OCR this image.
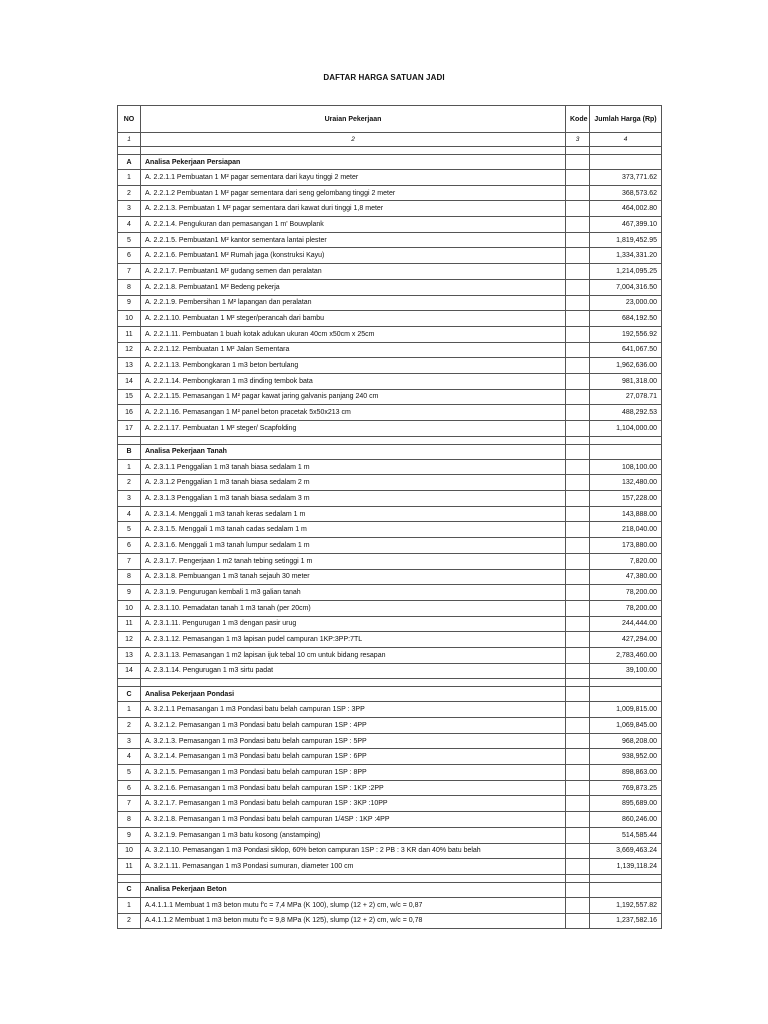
DAFTAR HARGA SATUAN JADI
NO	Uraian Pekerjaan	Kode	Jumlah Harga (Rp)
1	2	3	4

A	Analisa Pekerjaan Persiapan		
1	A. 2.2.1.1 Pembuatan 1 M² pagar sementara dari kayu tinggi 2 meter		373,771.62
2	A. 2.2.1.2 Pembuatan 1 M² pagar sementara dari seng gelombang tinggi 2 meter		368,573.62
3	A. 2.2.1.3. Pembuatan 1 M² pagar sementara dari kawat duri tinggi 1,8 meter		464,002.80
4	A. 2.2.1.4. Pengukuran dan pemasangan 1 m' Bouwplank		467,399.10
5	A. 2.2.1.5. Pembuatan1 M² kantor sementara lantai plester		1,819,452.95
6	A. 2.2.1.6. Pembuatan1 M² Rumah jaga (konstruksi Kayu)		1,334,331.20
7	A. 2.2.1.7. Pembuatan1 M² gudang semen dan peralatan		1,214,095.25
8	A. 2.2.1.8. Pembuatan1 M² Bedeng pekerja		7,004,316.50
9	A. 2.2.1.9. Pembersihan 1 M² lapangan dan peralatan		23,000.00
10	A. 2.2.1.10. Pembuatan 1 M² steger/perancah dari bambu		684,192.50
11	A. 2.2.1.11. Pembuatan 1 buah kotak adukan ukuran 40cm x50cm x 25cm		192,556.92
12	A. 2.2.1.12. Pembuatan 1 M² Jalan Sementara		641,067.50
13	A. 2.2.1.13. Pembongkaran 1 m3 beton bertulang		1,962,636.00
14	A. 2.2.1.14. Pembongkaran 1 m3 dinding tembok bata		981,318.00
15	A. 2.2.1.15. Pemasangan 1 M² pagar kawat jaring galvanis panjang 240 cm		27,078.71
16	A. 2.2.1.16. Pemasangan 1 M² panel beton pracetak 5x50x213 cm		488,292.53
17	A. 2.2.1.17. Pembuatan 1 M² steger/ Scapfolding		1,104,000.00

B	Analisa Pekerjaan Tanah		
1	A. 2.3.1.1 Penggalian 1 m3 tanah biasa sedalam 1 m		108,100.00
2	A. 2.3.1.2 Penggalian 1 m3 tanah biasa sedalam 2 m		132,480.00
3	A. 2.3.1.3 Penggalian 1 m3 tanah biasa sedalam 3 m		157,228.00
4	A. 2.3.1.4. Menggali 1 m3 tanah keras sedalam 1 m		143,888.00
5	A. 2.3.1.5. Menggali 1 m3 tanah cadas sedalam 1 m		218,040.00
6	A. 2.3.1.6. Menggali 1 m3 tanah lumpur sedalam 1 m		173,880.00
7	A. 2.3.1.7. Pengerjaan 1 m2 tanah tebing setinggi 1 m		7,820.00
8	A. 2.3.1.8. Pembuangan 1 m3 tanah sejauh 30 meter		47,380.00
9	A. 2.3.1.9. Pengurugan kembali 1 m3 galian tanah		78,200.00
10	A. 2.3.1.10. Pemadatan tanah 1 m3 tanah (per 20cm)		78,200.00
11	A. 2.3.1.11. Pengurugan 1 m3 dengan pasir urug		244,444.00
12	A. 2.3.1.12. Pemasangan 1 m3 lapisan pudel campuran 1KP:3PP:7TL		427,294.00
13	A. 2.3.1.13. Pemasangan 1 m2 lapisan ijuk tebal 10 cm untuk bidang resapan		2,783,460.00
14	A. 2.3.1.14. Pengurugan 1 m3 sirtu padat		39,100.00

C	Analisa Pekerjaan Pondasi		
1	A. 3.2.1.1 Pemasangan 1 m3 Pondasi batu belah campuran 1SP : 3PP		1,009,815.00
2	A. 3.2.1.2. Pemasangan 1 m3 Pondasi batu belah campuran 1SP : 4PP		1,069,845.00
3	A. 3.2.1.3. Pemasangan 1 m3 Pondasi batu belah campuran 1SP : 5PP		968,208.00
4	A. 3.2.1.4. Pemasangan 1 m3 Pondasi batu belah campuran 1SP : 6PP		938,952.00
5	A. 3.2.1.5. Pemasangan 1 m3 Pondasi batu belah campuran 1SP : 8PP		898,863.00
6	A. 3.2.1.6. Pemasangan 1 m3 Pondasi batu belah campuran 1SP : 1KP :2PP		769,873.25
7	A. 3.2.1.7. Pemasangan 1 m3 Pondasi batu belah campuran 1SP : 3KP :10PP		895,689.00
8	A. 3.2.1.8. Pemasangan 1 m3 Pondasi batu belah campuran 1/4SP : 1KP :4PP		860,246.00
9	A. 3.2.1.9. Pemasangan 1 m3 batu kosong (anstamping)		514,585.44
10	A. 3.2.1.10. Pemasangan 1 m3 Pondasi siklop, 60% beton campuran 1SP : 2 PB : 3 KR dan 40% batu belah		3,669,463.24
11	A. 3.2.1.11. Pemasangan 1 m3 Pondasi sumuran, diameter 100 cm		1,139,118.24

C	Analisa Pekerjaan Beton		
1	A.4.1.1.1 Membuat 1 m3 beton mutu f'c = 7,4 MPa (K 100), slump (12 + 2) cm, w/c = 0,87		1,192,557.82
2	A.4.1.1.2 Membuat 1 m3 beton mutu f'c = 9,8 MPa (K 125), slump (12 + 2) cm, w/c = 0,78		1,237,582.16
